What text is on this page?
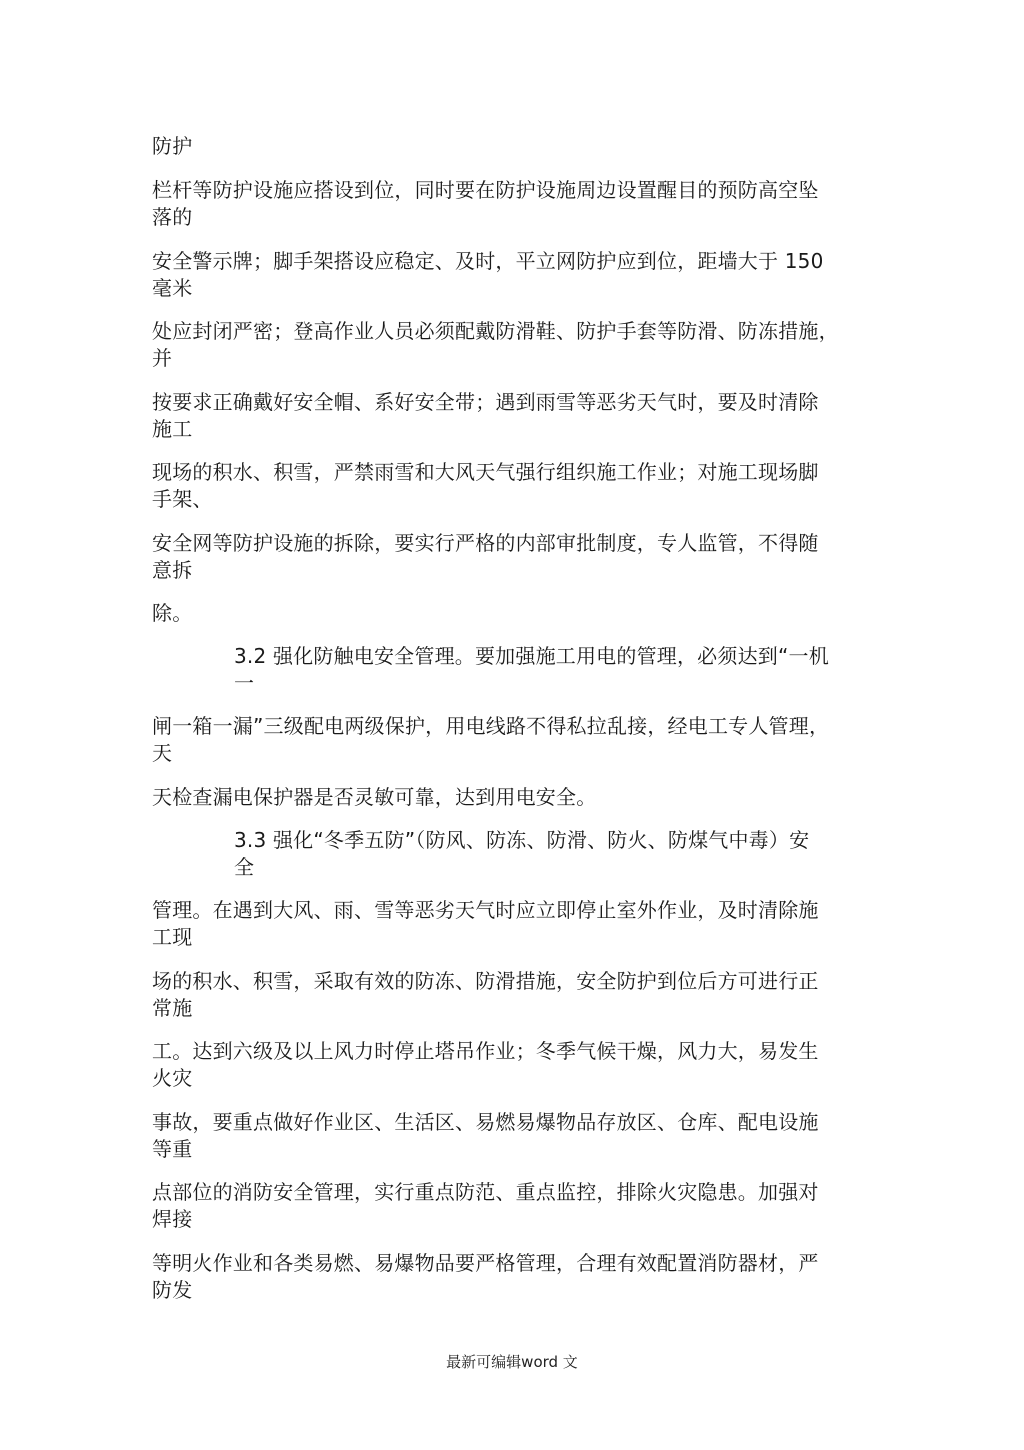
防护
栏杆等防护设施应搭设到位，同时要在防护设施周边设置醒目的预防高空坠
落的
安全警示牌；脚手架搭设应稳定、及时，平立网防护应到位，距墙大于 150
毫米
处应封闭严密；登高作业人员必须配戴防滑鞋、防护手套等防滑、防冻措施，
并
按要求正确戴好安全帽、系好安全带；遇到雨雪等恶劣天气时，要及时清除
施工
现场的积水、积雪，严禁雨雪和大风天气强行组织施工作业；对施工现场脚
手架、
安全网等防护设施的拆除，要实行严格的内部审批制度，专人监管，不得随
意拆
除。
3.2 强化防触电安全管理。要加强施工用电的管理，必须达到“一机
一
闸一箱一漏”三级配电两级保护，用电线路不得私拉乱接，经电工专人管理，
天
天检查漏电保护器是否灵敏可靠，达到用电安全。
3.3 强化“冬季五防”（防风、防冻、防滑、防火、防煤气中毒）安
全
管理。在遇到大风、雨、雪等恶劣天气时应立即停止室外作业，及时清除施
工现
场的积水、积雪，采取有效的防冻、防滑措施，安全防护到位后方可进行正
常施
工。达到六级及以上风力时停止塔吊作业；冬季气候干燥，风力大，易发生
火灾
事故，要重点做好作业区、生活区、易燃易爆物品存放区、仓库、配电设施
等重
点部位的消防安全管理，实行重点防范、重点监控，排除火灾隐患。加强对
焊接
等明火作业和各类易燃、易爆物品要严格管理，合理有效配置消防器材，严
防发
最新可编辑word 文
